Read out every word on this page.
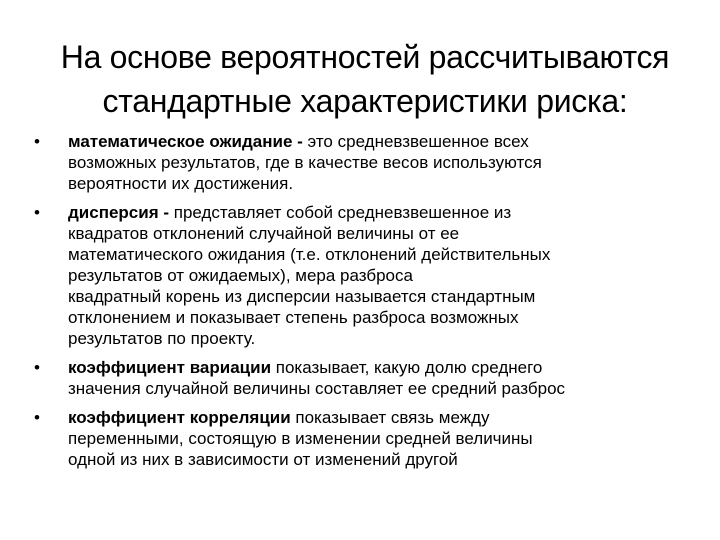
На основе вероятностей рассчитываются
стандартные характеристики риска:
• математическое ожидание - это средневзвешенное всех
возможных результатов, где в качестве весов используются
вероятности их достижения.
• дисперсия - представляет собой средневзвешенное из
квадратов отклонений случайной величины от ее
математического ожидания (т.е. отклонений действительных
результатов от ожидаемых), мера разброса
квадратный корень из дисперсии называется стандартным
отклонением и показывает степень разброса возможных
результатов по проекту.
• коэффициент вариации показывает, какую долю среднего
значения случайной величины составляет ее средний разброс
• коэффициент корреляции показывает связь между
переменными, состоящую в изменении средней величины
одной из них в зависимости от изменений другой
